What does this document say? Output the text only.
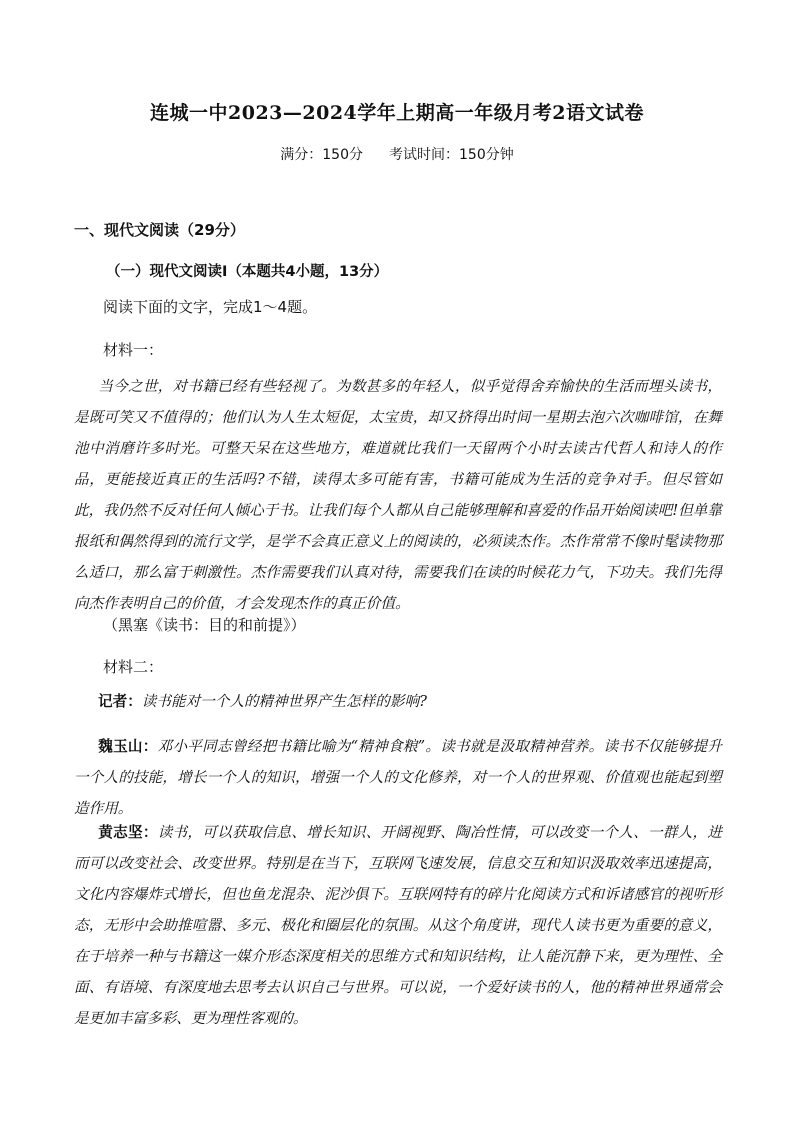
连城一中2023—2024学年上期高一年级月考2语文试卷
满分：150分 考试时间：150分钟
一、现代文阅读（29分）
（一）现代文阅读Ⅰ（本题共4小题，13分）
阅读下面的文字，完成1～4题。
材料一：
当今之世，对书籍已经有些轻视了。为数甚多的年轻人，似乎觉得舍弃愉快的生活而埋头读书，是既可笑又不值得的；他们认为人生太短促，太宝贵，却又挤得出时间一星期去泡六次咖啡馆，在舞池中消磨许多时光。可整天呆在这些地方，难道就比我们一天留两个小时去读古代哲人和诗人的作品，更能接近真正的生活吗?不错，读得太多可能有害，书籍可能成为生活的竞争对手。但尽管如此，我仍然不反对任何人倾心于书。让我们每个人都从自己能够理解和喜爱的作品开始阅读吧!但单靠报纸和偶然得到的流行文学，是学不会真正意义上的阅读的，必须读杰作。杰作常常不像时髦读物那么适口，那么富于刺激性。杰作需要我们认真对待，需要我们在读的时候花力气，下功夫。我们先得向杰作表明自己的价值，才会发现杰作的真正价值。
（黑塞《读书：目的和前提》）
材料二：
记者：读书能对一个人的精神世界产生怎样的影响?
魏玉山：邓小平同志曾经把书籍比喻为“精神食粮”。读书就是汲取精神营养。读书不仅能够提升一个人的技能，增长一个人的知识，增强一个人的文化修养，对一个人的世界观、价值观也能起到塑造作用。
黄志坚：读书，可以获取信息、增长知识、开阔视野、陶冶性情，可以改变一个人、一群人，进而可以改变社会、改变世界。特别是在当下，互联网飞速发展，信息交互和知识汲取效率迅速提高，文化内容爆炸式增长，但也鱼龙混杂、泥沙俱下。互联网特有的碎片化阅读方式和诉诸感官的视听形态，无形中会助推喧嚣、多元、极化和圈层化的氛围。从这个角度讲，现代人读书更为重要的意义，在于培养一种与书籍这一媒介形态深度相关的思维方式和知识结构，让人能沉静下来，更为理性、全面、有语境、有深度地去思考去认识自己与世界。可以说，一个爱好读书的人，他的精神世界通常会是更加丰富多彩、更为理性客观的。
